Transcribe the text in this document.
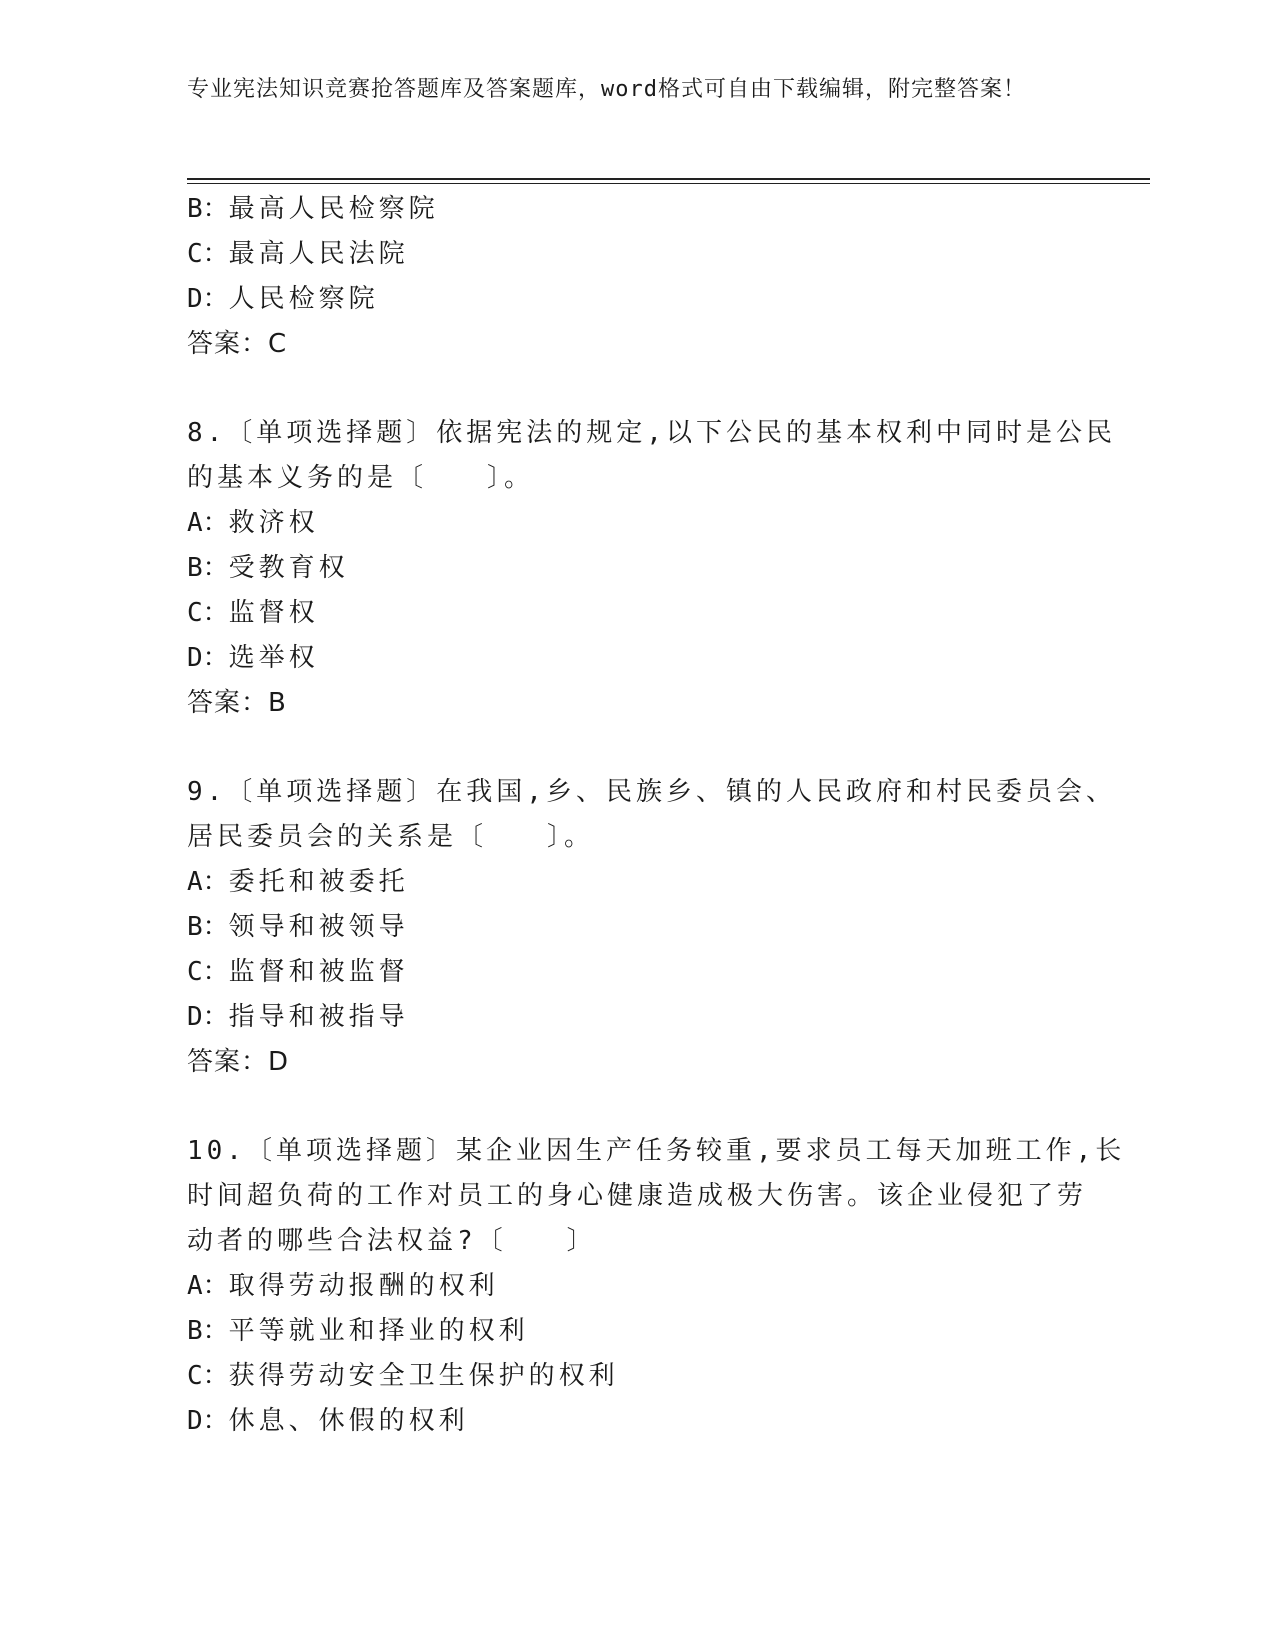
专业宪法知识竞赛抢答题库及答案题库，word格式可自由下载编辑，附完整答案！
B：最高人民检察院
C：最高人民法院
D：人民检察院
答案：C
8.〔单项选择题〕依据宪法的规定,以下公民的基本权利中同时是公民
的基本义务的是〔　　〕。
A：救济权
B：受教育权
C：监督权
D：选举权
答案：B
9.〔单项选择题〕在我国,乡、民族乡、镇的人民政府和村民委员会、
居民委员会的关系是〔　　〕。
A：委托和被委托
B：领导和被领导
C：监督和被监督
D：指导和被指导
答案：D
10.〔单项选择题〕某企业因生产任务较重,要求员工每天加班工作,长
时间超负荷的工作对员工的身心健康造成极大伤害。该企业侵犯了劳
动者的哪些合法权益?〔　　〕
A：取得劳动报酬的权利
B：平等就业和择业的权利
C：获得劳动安全卫生保护的权利
D：休息、休假的权利
